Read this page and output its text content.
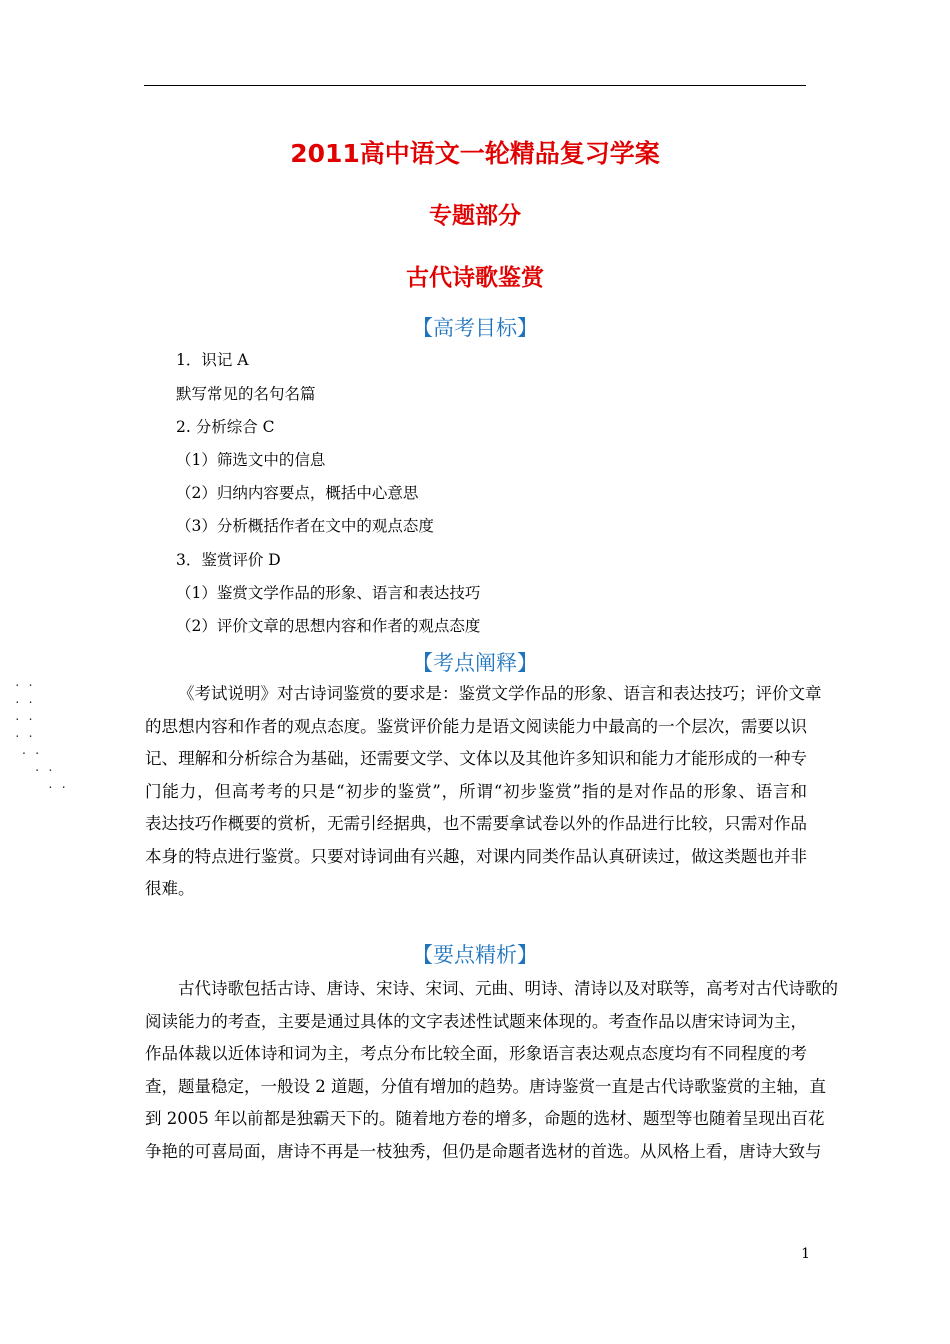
2011高中语文一轮精品复习学案
专题部分
古代诗歌鉴赏
【高考目标】
1．识记 A
默写常见的名句名篇
2. 分析综合 C
（1）筛选文中的信息
（2）归纳内容要点，概括中心意思
（3）分析概括作者在文中的观点态度
3．鉴赏评价 D
（1）鉴赏文学作品的形象、语言和表达技巧
（2）评价文章的思想内容和作者的观点态度
【考点阐释】
. .
. .
. .
. .
. .
. .
. .
《考试说明》对古诗词鉴赏的要求是：鉴赏文学作品的形象、语言和表达技巧；评价文章
的思想内容和作者的观点态度。鉴赏评价能力是语文阅读能力中最高的一个层次，需要以识
记、理解和分析综合为基础，还需要文学、文体以及其他许多知识和能力才能形成的一种专
门能力，但高考考的只是“初步的鉴赏”，所谓“初步鉴赏”指的是对作品的形象、语言和
表达技巧作概要的赏析，无需引经据典，也不需要拿试卷以外的作品进行比较，只需对作品
本身的特点进行鉴赏。只要对诗词曲有兴趣，对课内同类作品认真研读过，做这类题也并非
很难。
【要点精析】
古代诗歌包括古诗、唐诗、宋诗、宋词、元曲、明诗、清诗以及对联等，高考对古代诗歌的
阅读能力的考查，主要是通过具体的文字表述性试题来体现的。考查作品以唐宋诗词为主，
作品体裁以近体诗和词为主，考点分布比较全面，形象语言表达观点态度均有不同程度的考
查，题量稳定，一般设 2 道题，分值有增加的趋势。唐诗鉴赏一直是古代诗歌鉴赏的主轴，直
到 2005 年以前都是独霸天下的。随着地方卷的增多，命题的选材、题型等也随着呈现出百花
争艳的可喜局面，唐诗不再是一枝独秀，但仍是命题者选材的首选。从风格上看，唐诗大致与
1
